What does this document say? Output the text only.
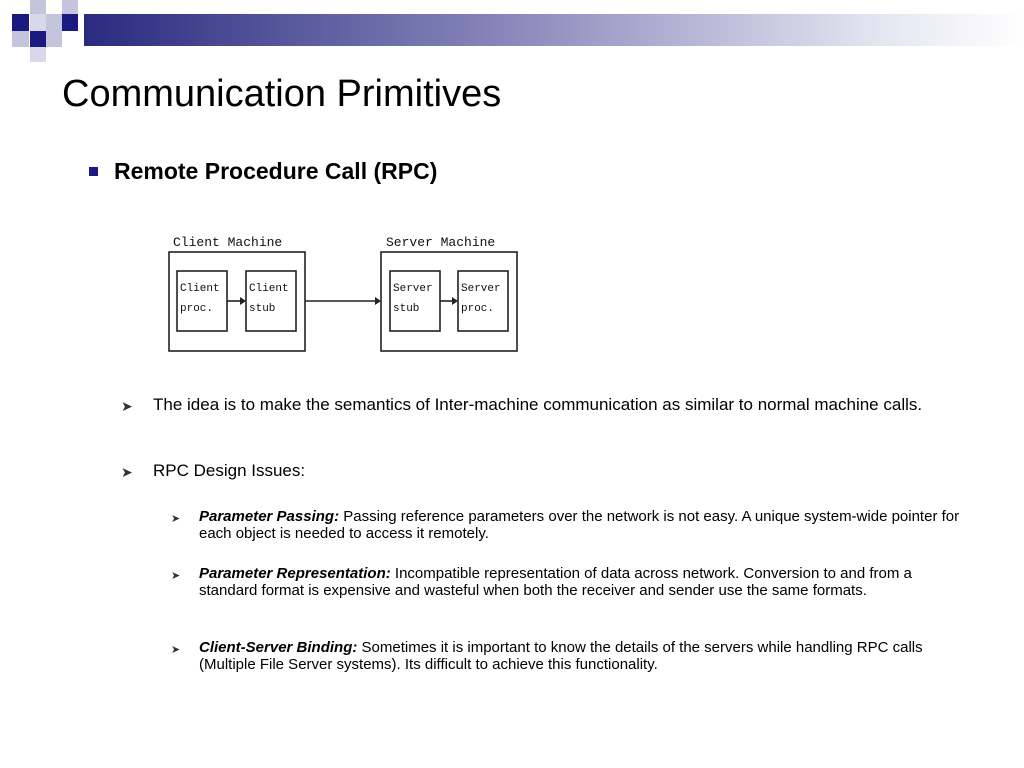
Communication Primitives
Remote Procedure Call (RPC)
Client Machine	Server Machine
Client
proc.
Client
stub
Server
stub
Server
proc.
➤ The idea is to make the semantics of Inter-machine communication as similar to normal machine calls.
➤ RPC Design Issues:
➤ Parameter Passing: Passing reference parameters over the network is not easy. A unique system-wide pointer for each object is needed to access it remotely.
➤ Parameter Representation: Incompatible representation of data across network. Conversion to and from a standard format is expensive and wasteful when both the receiver and sender use the same formats.
➤ Client-Server Binding: Sometimes it is important to know the details of the servers while handling RPC calls (Multiple File Server systems). Its difficult to achieve this functionality.
